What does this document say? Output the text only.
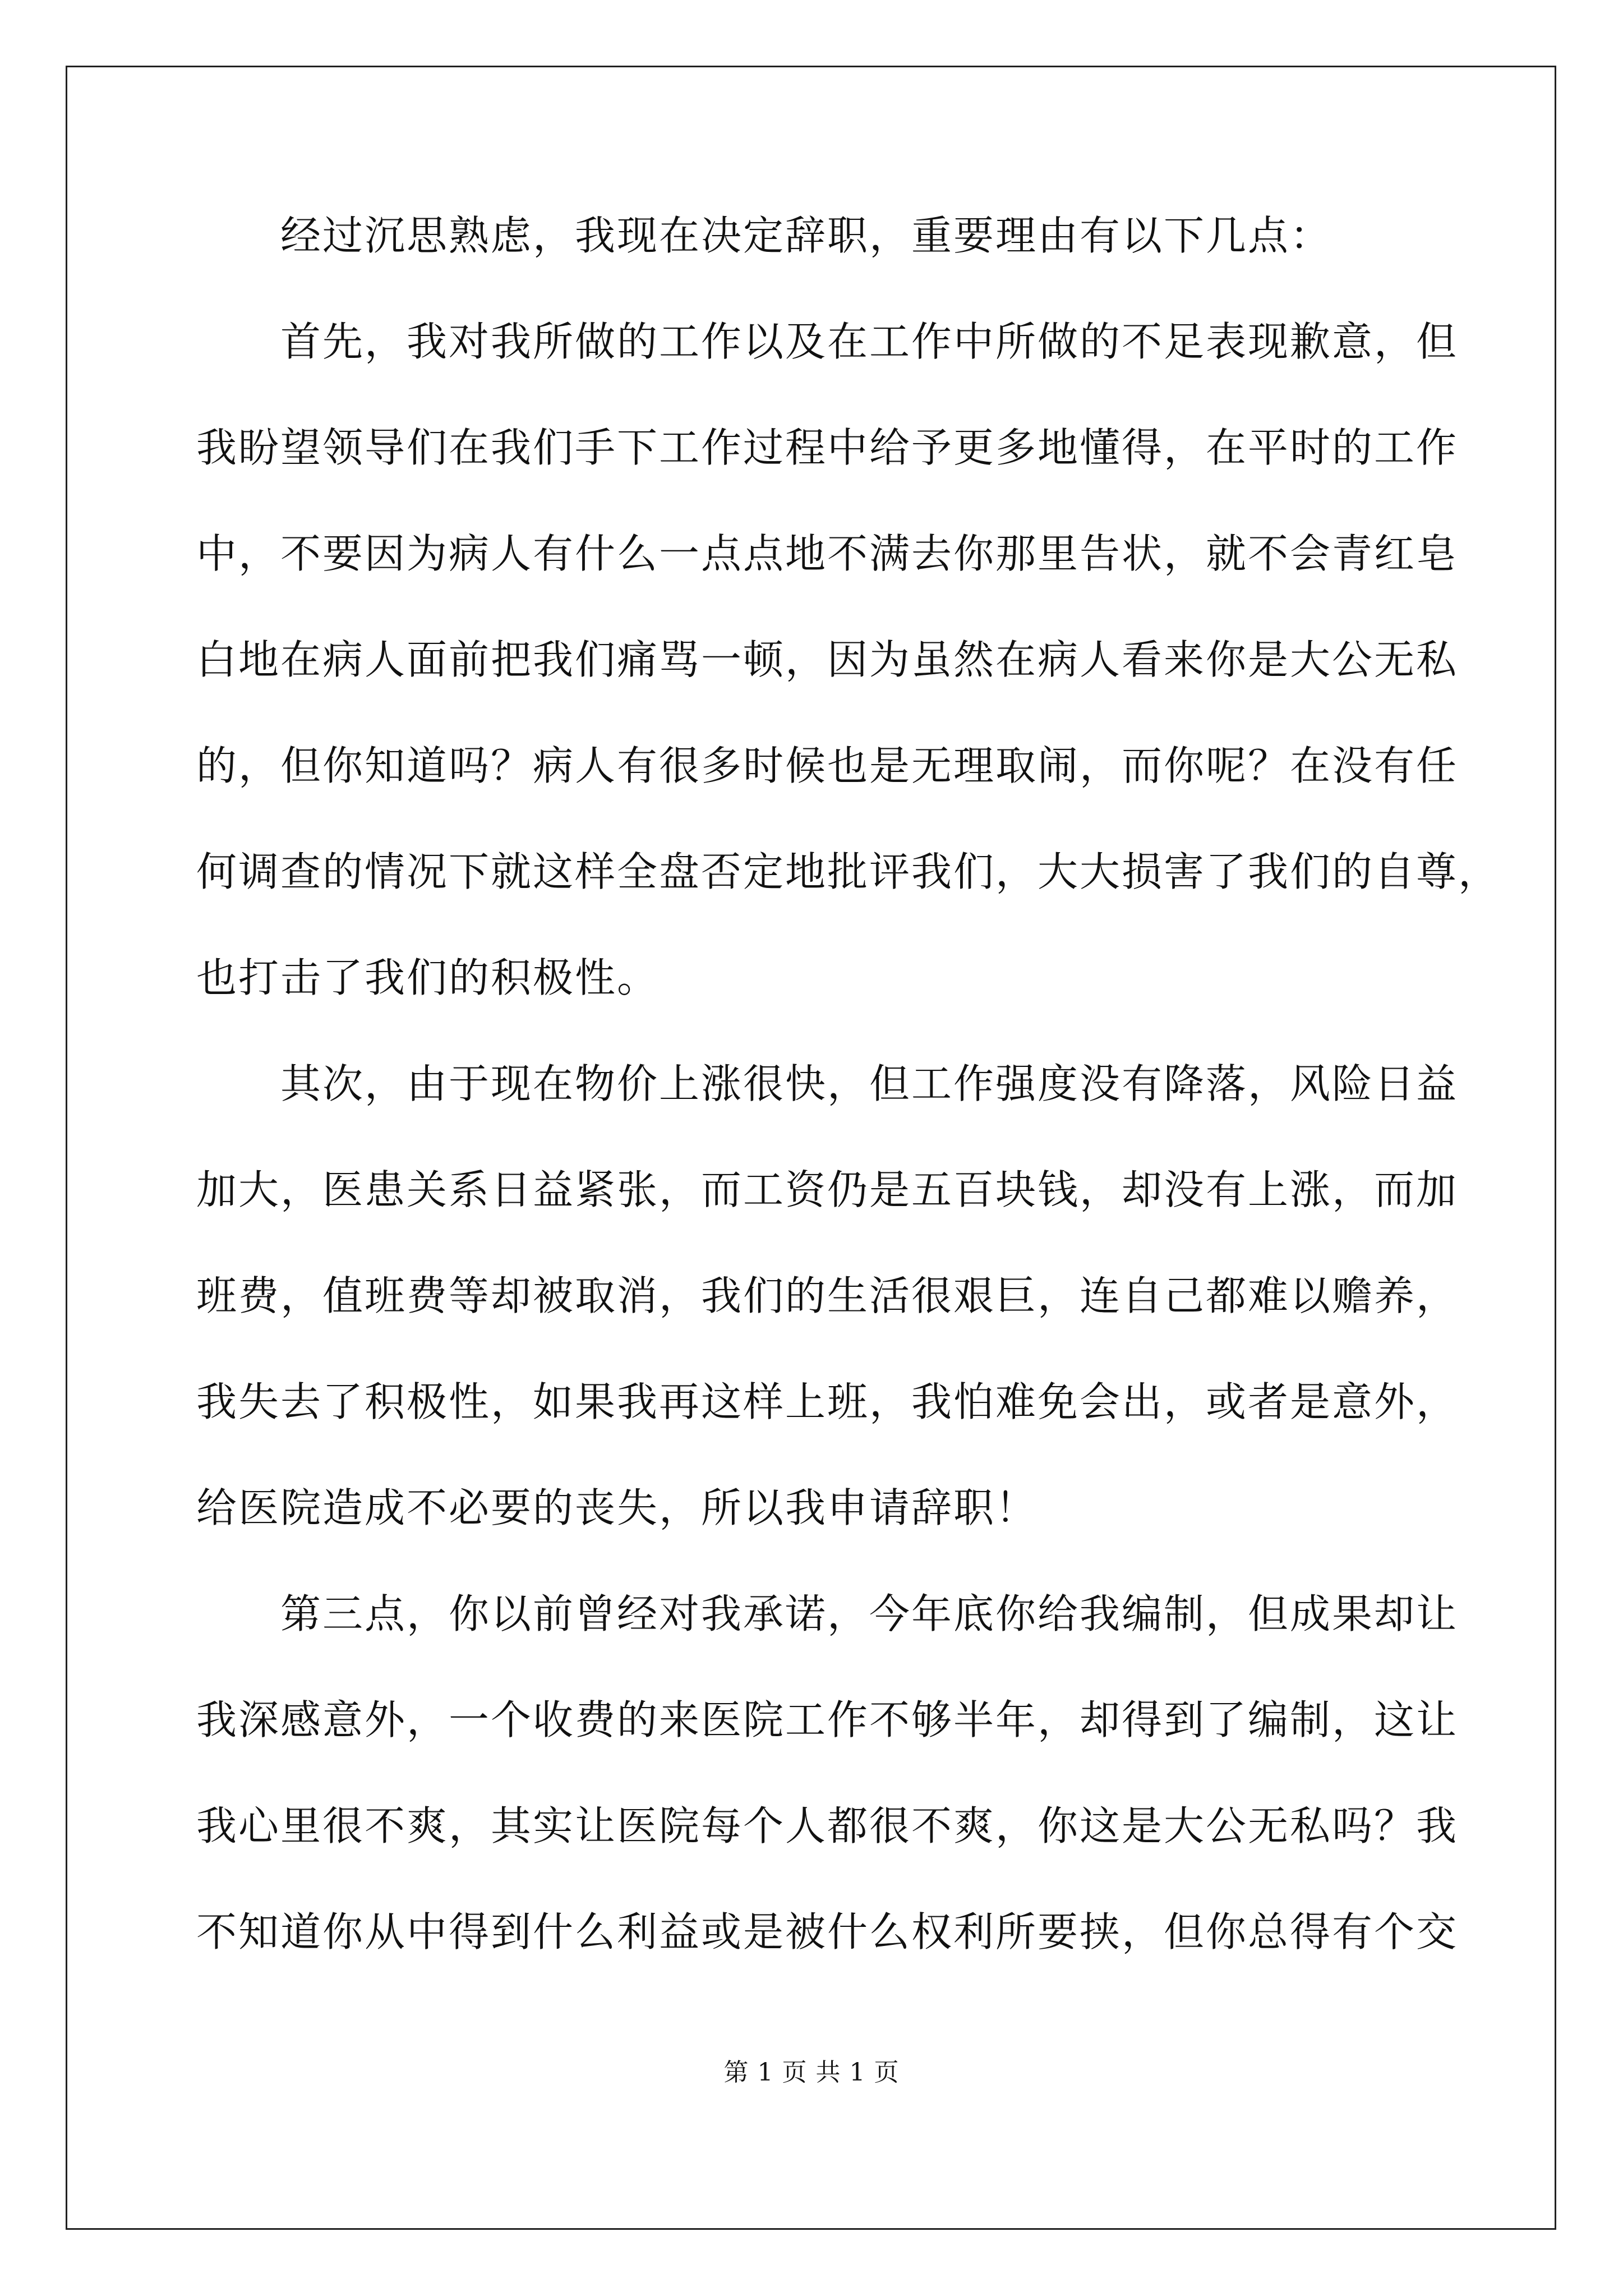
经过沉思熟虑，我现在决定辞职，重要理由有以下几点：
首先，我对我所做的工作以及在工作中所做的不足表现歉意，但
我盼望领导们在我们手下工作过程中给予更多地懂得，在平时的工作
中，不要因为病人有什么一点点地不满去你那里告状，就不会青红皂
白地在病人面前把我们痛骂一顿，因为虽然在病人看来你是大公无私
的，但你知道吗？病人有很多时候也是无理取闹，而你呢？在没有任
何调查的情况下就这样全盘否定地批评我们，大大损害了我们的自尊，
也打击了我们的积极性。
其次，由于现在物价上涨很快，但工作强度没有降落，风险日益
加大，医患关系日益紧张，而工资仍是五百块钱，却没有上涨，而加
班费，值班费等却被取消，我们的生活很艰巨，连自己都难以赡养，
我失去了积极性，如果我再这样上班，我怕难免会出，或者是意外，
给医院造成不必要的丧失，所以我申请辞职！
第三点，你以前曾经对我承诺，今年底你给我编制，但成果却让
我深感意外，一个收费的来医院工作不够半年，却得到了编制，这让
我心里很不爽，其实让医院每个人都很不爽，你这是大公无私吗？我
不知道你从中得到什么利益或是被什么权利所要挟，但你总得有个交
第 1 页 共 1 页
